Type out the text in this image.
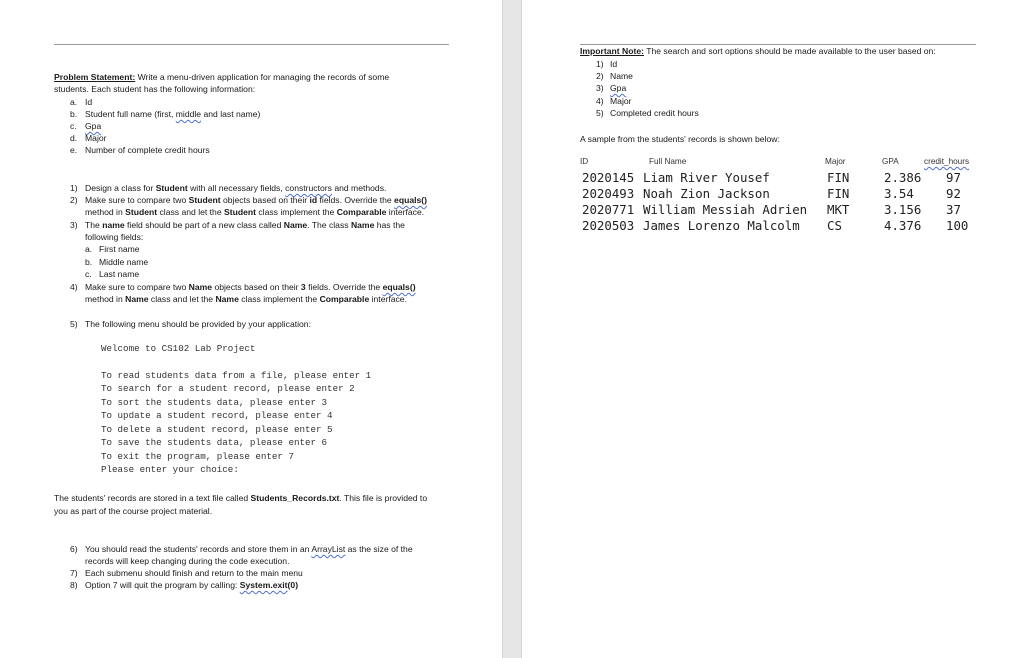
Problem Statement: Write a menu-driven application for managing the records of some
students. Each student has the following information:
a. Id
b. Student full name (first, middle and last name)
c. Gpa
d. Major
e. Number of complete credit hours
1) Design a class for Student with all necessary fields, constructors and methods.
2) Make sure to compare two Student objects based on their id fields. Override the equals()
method in Student class and let the Student class implement the Comparable interface.
3) The name field should be part of a new class called Name. The class Name has the
following fields:
a. First name
b. Middle name
c. Last name
4) Make sure to compare two Name objects based on their 3 fields. Override the equals()
method in Name class and let the Name class implement the Comparable interface.
5) The following menu should be provided by your application:
Welcome to CS102 Lab Project
To read students data from a file, please enter 1
To search for a student record, please enter 2
To sort the students data, please enter 3
To update a student record, please enter 4
To delete a student record, please enter 5
To save the students data, please enter 6
To exit the program, please enter 7
Please enter your choice:
The students' records are stored in a text file called Students_Records.txt. This file is provided to
you as part of the course project material.
6) You should read the students' records and store them in an ArrayList as the size of the
records will keep changing during the code execution.
7) Each submenu should finish and return to the main menu
8) Option 7 will quit the program by calling: System.exit(0)
Important Note: The search and sort options should be made available to the user based on:
1) Id
2) Name
3) Gpa
4) Major
5) Completed credit hours
A sample from the students' records is shown below:
ID	Full Name	Major	GPA	credit_hours
2020145 Liam River Yousef	FIN	2.386 97
2020493 Noah Zion Jackson	FIN	3.54	92
2020771 William Messiah Adrien MKT	3.156 37
2020503 James Lorenzo Malcolm CS	4.376 100
